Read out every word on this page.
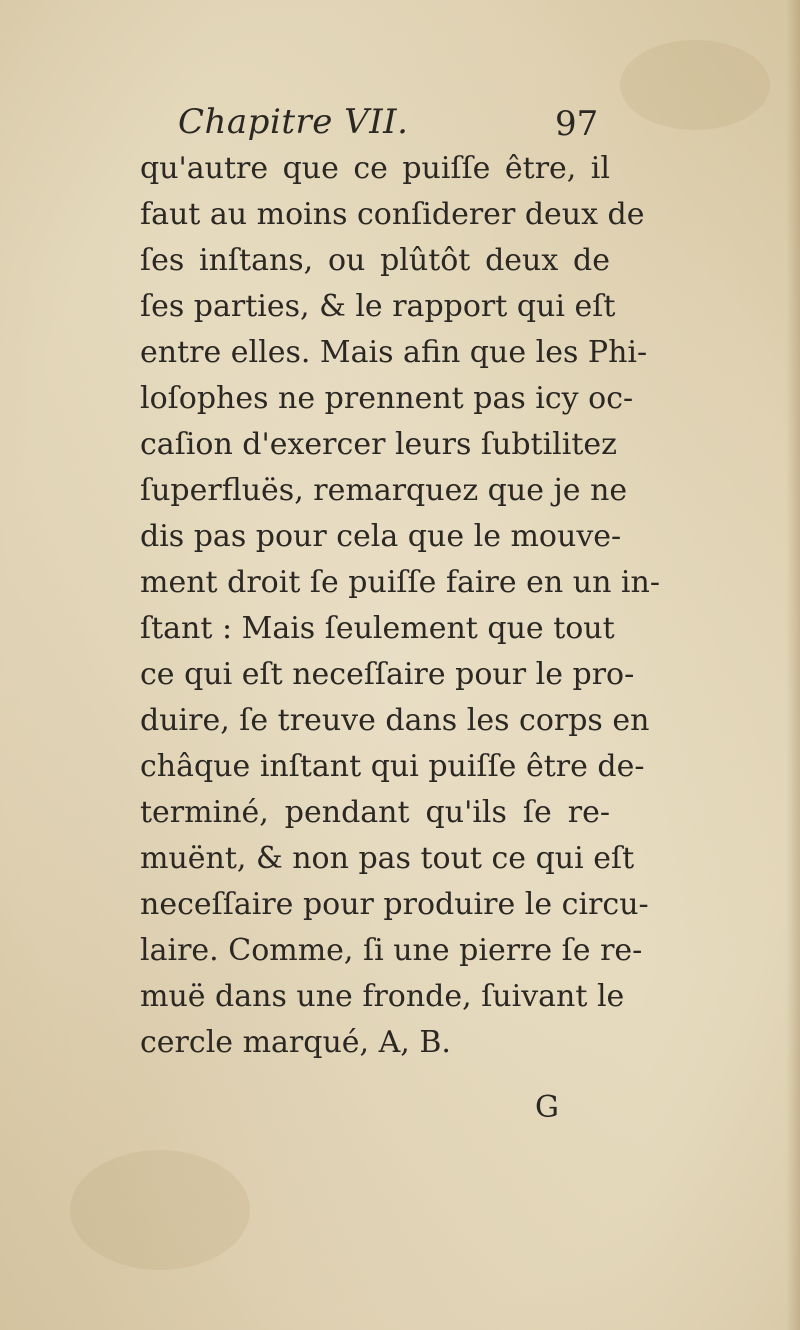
Chapitre VII.	97
qu'autre que ce puiſſe être, il
faut au moins conſiderer deux de
ſes inſtans, ou plûtôt deux de
ſes parties, & le rapport qui eſt
entre elles. Mais afin que les Phi-
loſophes ne prennent pas icy oc-
caſion d'exercer leurs ſubtilitez
ſuperfluës, remarquez que je ne
dis pas pour cela que le mouve-
ment droit ſe puiſſe faire en un in-
ſtant : Mais ſeulement que tout
ce qui eſt neceſſaire pour le pro-
duire, ſe treuve dans les corps en
châque inſtant qui puiſſe être de-
terminé, pendant qu'ils ſe re-
muënt, & non pas tout ce qui eſt
neceſſaire pour produire le circu-
laire. Comme, ſi une pierre ſe re-
muë dans une fronde, ſuivant le
cercle marqué, A, B.
G
